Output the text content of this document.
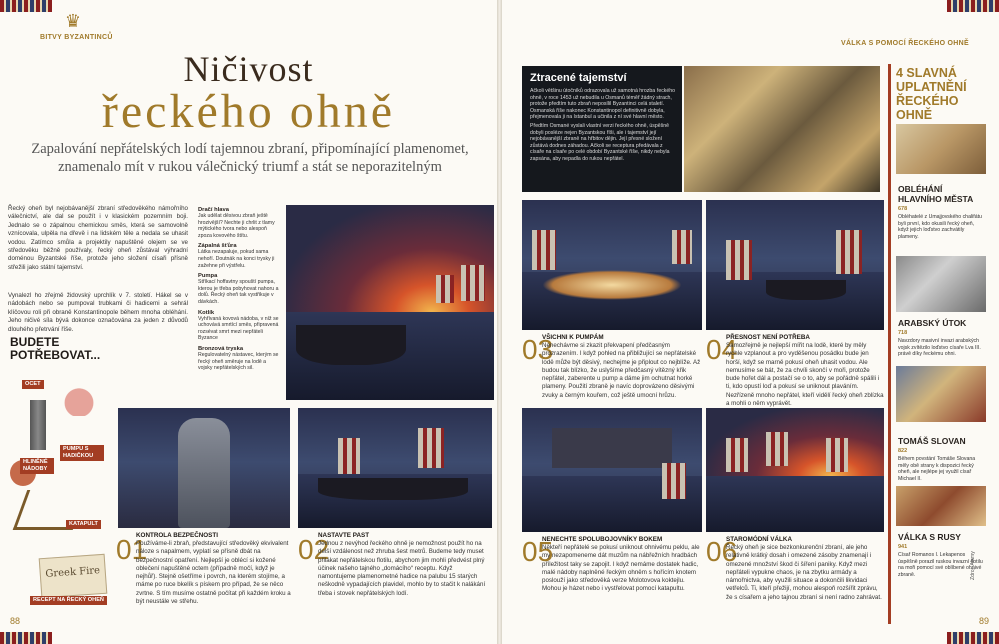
♛
BITVY BYZANTINCŮ
Ničivost
řeckého ohně
Zapalování nepřátelských lodí tajemnou zbraní, připomínající plamenomet, znamenalo mít v rukou válečnický triumf a stát se neporazitelným
Řecký oheň byl nejobávanější zbraní středověkého námořního válečnictví, ale dal se použít i v klasickém pozemním boji. Jednalo se o zápalnou chemickou směs, která se samovolně vznícovala, ulpěla na dřevě i na lidském těle a nedala se uhasit vodou. Zatímco smůla a projektily napuštěné olejem se ve středověku běžně používaly, řecký oheň zůstával výhradní doménou Byzantské říše, protože jeho složení císaři přísně střežili jako státní tajemství.
Vynalezl ho zřejmě židovský uprchlík v 7. století. Hákel se v nádobách nebo se pumpoval trubkami či hadicemi a sehrál klíčovou roli při obraně Konstantinopole během mnoha obléhání. Jeho ničivé síla bývá dokonce označována za jeden z důvodů dlouhého přetrvání říše.
Dračí hlava
Jak udělat děsivou zbraň ještě hrozivější? Nechte ji chrlit z tlamy mýtického tvora nebo alespoň zpoza kovového štítu.
Zápalná šťůra
Látka nezapaluje, pokud sama nehoří. Doutnák na konci trysky ji zažehne při výstřelu.
Pumpa
Stříkací hoffavtny spouští pumpa, kterou je třeba pobyhovat nahoru a dolů. Řecký oheň tak vystřikuje v dávkách.
Kotlík
Vyhřívaná kovová nádoba, v níž se uchovává smrtící směs, připravená rozsévat smrt mezi nepřáteli Byzance
Bronzová tryska
Regulovatelný nástavec, kterým se řecký oheň směruje na lodě a vojsky nepřátelských sil.
BUDETE POTŘEBOVAT...
OCET
PUMPU S HADIČKOU
HLINĚNÉ NÁDOBY
KATAPULT
Greek Fire
RECEPT NA ŘECKÝ OHEŇ
01
KONTROLA BEZPEČNOSTI
Používáme-li zbraň, představující středověký ekvivalent náloze s napalmem, vyplatí se přísně dbát na bezpečnostní opatření. Nejlepší je oblécí si kožené oblečení napuštěné octem (případně močí, když je nejhůř). Stejně ošetříme i povrch, na kterém stojíme, a máme po ruce bkelík s pískem pro případ, že se něco zvrtne. S tím musíme ostatně počítat při každém kroku a být neustále ve střehu.
02
NASTAVTE PAST
Jednou z nevýhod řeckého ohně je nemožnost použít ho na delší vzdálenost než zhruba šest metrů. Budeme tedy muset přilákat nepřátelskou flotilu, abychom jim mohli předvést plný účinek našeho tajného „domácího“ receptu. Když namontujeme plamenometné hadice na palubu 15 starých neškodně vypadajících plavidel, mohlo by to stačit k nalákání třeba i stovek nepřátelských lodí.
88
VÁLKA S POMOCÍ ŘECKÉHO OHNĚ
Ztracené tajemství
Ačkoli většinu útočníků odrazovala už samotná hrozba řeckého ohně, v roce 1453 už nebudila u Osmanů téměř žádný strach, protože předtím tuto zbraň neposílil Byzantinci celá staletí. Osmanská říše nakonec Konstantinopol definitivně dobyla, přejmenovala ji na Istanbul a učinila z ní své hlavní město.
Předtím Osmané vyslali vlastní verzi řeckého ohně, úspěšně dobyli posléze nejen Byzantskou říši, ale i tajemství její nejobávanější zbraně na hřbitov dějin. Její přesné složení zůstává dodnes záhadou. Ačkoli se receptura předávala z císaře na císaře po celé období Byzantské říše, nikdy nebyla zapsána, aby nepadla do rukou nepřátel.
03
VŠICHNI K PUMPÁM
Nenechávme si zkazit překvapení předčasným prozrazením. I když pohled na přibližující se nepřátelské lodě může být děsivý, nechejme je připlout co nejblíže. Až budou tak blízko, že uslyšíme předčasný vítězný křik nepřátel, zaberente u pump a dáme jim ochutnat horké plameny. Použití zbraně je navíc doprovázeno děsivými zvuky a černým kouřem, což ještě umocní hrůzu.
04
PŘESNOST NENÍ POTŘEBA
Samozřejmě je nejlepší mířit na lodě, které by měly rychle vzplanout a pro vyděšenou posádku bude jen horší, když se marně pokusí oheň uhasit vodou. Ale nemusíme se bát, že za chvíli skončí v moři, protože bude hořet dál a postačí se o to, aby se pořádně spálili i ti, kdo opustí loď a pokusí se uniknout plaváním. Nezřízeně mnoho nepřátel, kteří vidělí řecký oheň zblízka a mohli o něm vyprávět.
05
NENECHTE SPOLUBOJOVNÍKY BOKEM
Někteří nepřátelé se pokusí uniknout ohnivému peklu, ale my nezapomeneme dát muzům na nábřežních hradbách příležitost taky se zapojit. I když nemáme dostatek hadic, malé nádoby naplněné řeckým ohněm s hořícím knotem poslouží jako středověká verze Molotovova koktejlu. Mohou je házet nebo i vystřelovat pomocí katapultu.
06
STAROMÓDNÍ VÁLKA
Řecký oheň je sice bezkonkurenční zbraní, ale jeho relativně krátký dosah i omezené zásoby znamenají i omezené množství škod či šíření paniky. Když mezi nepřáteli vypukne chaos, je na zbytku armády a námořnictva, aby využili situace a dokončili likvidaci vetřelců. Ti, kteří přežijí, mohou alespoň rozšířit zprávu, že s císařem a jeho tajnou zbraní si není radno zahrávat.
4 SLAVNÁ UPLATNĚNÍ ŘECKÉHO OHNĚ
OBLÉHÁNÍ HLAVNÍHO MĚSTA
678
Obléhatelé z Umajjovského chalifátu byli první, kdo okusili řecký oheň, když jejich loďstvo zachvátily plameny.
ARABSKÝ ÚTOK
718
Navzdory masivní invazi arabských vojsk zvítězilo loďstvo císaře Lva III. právě díky řeckému ohni.
TOMÁŠ SLOVAN
822
Během povstání Tomáše Slovana měly obě strany k dispozici řecký oheň, ale nejlépe jej využil císař Michael II.
VÁLKA S RUSY
941
Císař Romanos I. Lekapenos úspěšně porazil ruskou invazní flotilu na moři pomocí své oblíbené ohnivé zbraně.	Zdroj: Alamy
89
